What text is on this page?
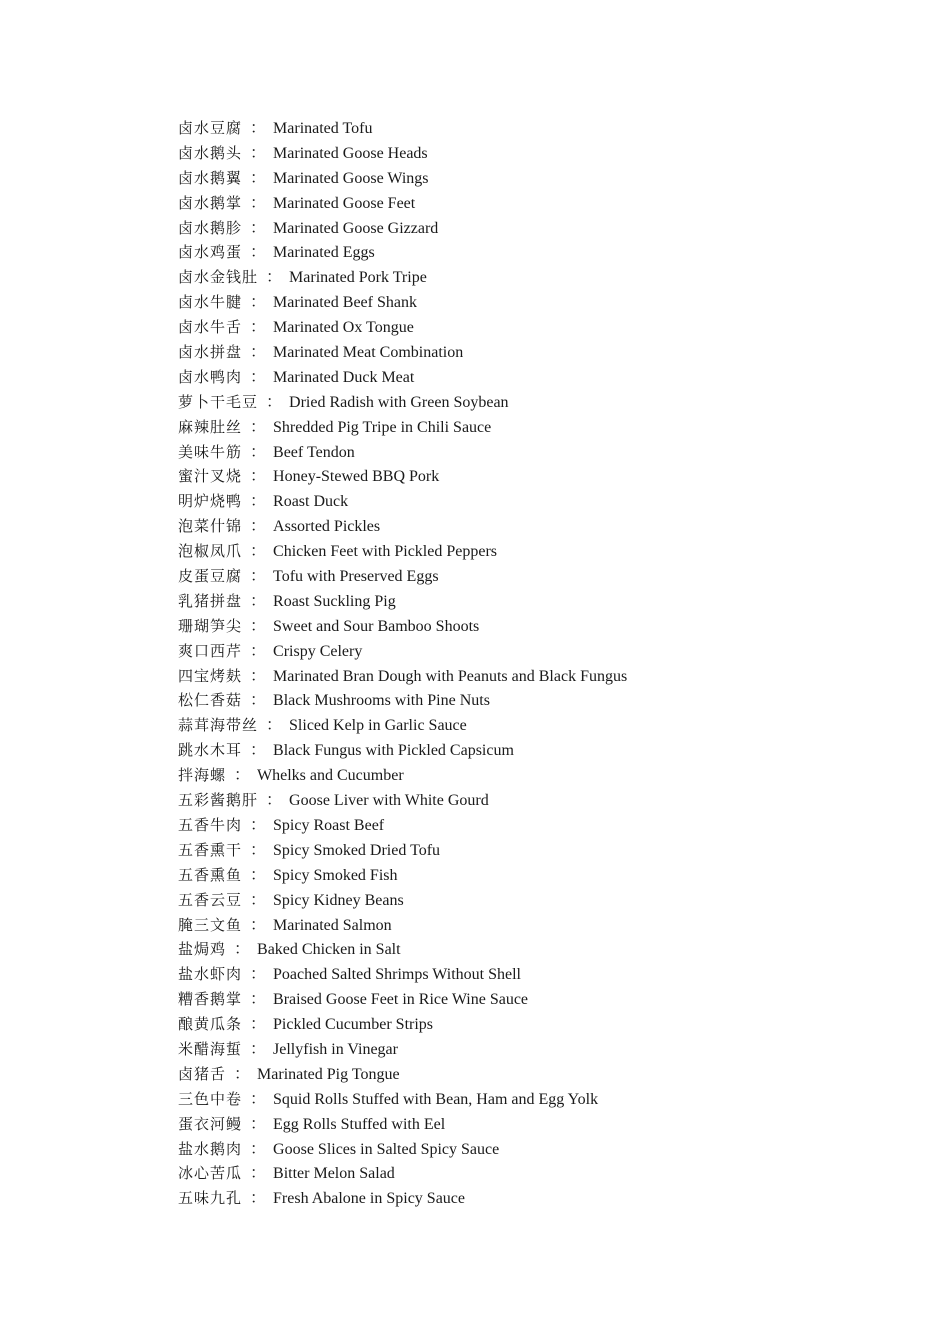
卤水豆腐 ： Marinated Tofu
卤水鹅头 ： Marinated Goose Heads
卤水鹅翼 ： Marinated Goose Wings
卤水鹅掌 ： Marinated Goose Feet
卤水鹅胗 ： Marinated Goose Gizzard
卤水鸡蛋 ： Marinated Eggs
卤水金钱肚 ： Marinated Pork Tripe
卤水牛腱 ： Marinated Beef Shank
卤水牛舌 ： Marinated Ox Tongue
卤水拼盘 ： Marinated Meat Combination
卤水鸭肉 ： Marinated Duck Meat
萝卜干毛豆 ： Dried Radish with Green Soybean
麻辣肚丝 ： Shredded Pig Tripe in Chili Sauce
美味牛筋 ： Beef Tendon
蜜汁叉烧 ： Honey-Stewed BBQ Pork
明炉烧鸭 ： Roast Duck
泡菜什锦 ： Assorted Pickles
泡椒凤爪 ： Chicken Feet with Pickled Peppers
皮蛋豆腐 ： Tofu with Preserved Eggs
乳猪拼盘 ： Roast Suckling Pig
珊瑚笋尖 ： Sweet and Sour Bamboo Shoots
爽口西芹 ： Crispy Celery
四宝烤麸 ： Marinated Bran Dough with Peanuts and Black Fungus
松仁香菇 ： Black Mushrooms with Pine Nuts
蒜茸海带丝 ： Sliced Kelp in Garlic Sauce
跳水木耳 ： Black Fungus with Pickled Capsicum
拌海螺 ： Whelks and Cucumber
五彩酱鹅肝 ： Goose Liver with White Gourd
五香牛肉 ： Spicy Roast Beef
五香熏干 ： Spicy Smoked Dried Tofu
五香熏鱼 ： Spicy Smoked Fish
五香云豆 ： Spicy Kidney Beans
腌三文鱼 ： Marinated Salmon
盐焗鸡 ： Baked Chicken in Salt
盐水虾肉 ： Poached Salted Shrimps Without Shell
糟香鹅掌 ： Braised Goose Feet in Rice Wine Sauce
酿黄瓜条 ： Pickled Cucumber Strips
米醋海蜇 ： Jellyfish in Vinegar
卤猪舌 ： Marinated Pig Tongue
三色中卷 ： Squid Rolls Stuffed with Bean, Ham and Egg Yolk
蛋衣河鳗 ： Egg Rolls Stuffed with Eel
盐水鹅肉 ： Goose Slices in Salted Spicy Sauce
冰心苦瓜 ： Bitter Melon Salad
五味九孔 ： Fresh Abalone in Spicy Sauce
